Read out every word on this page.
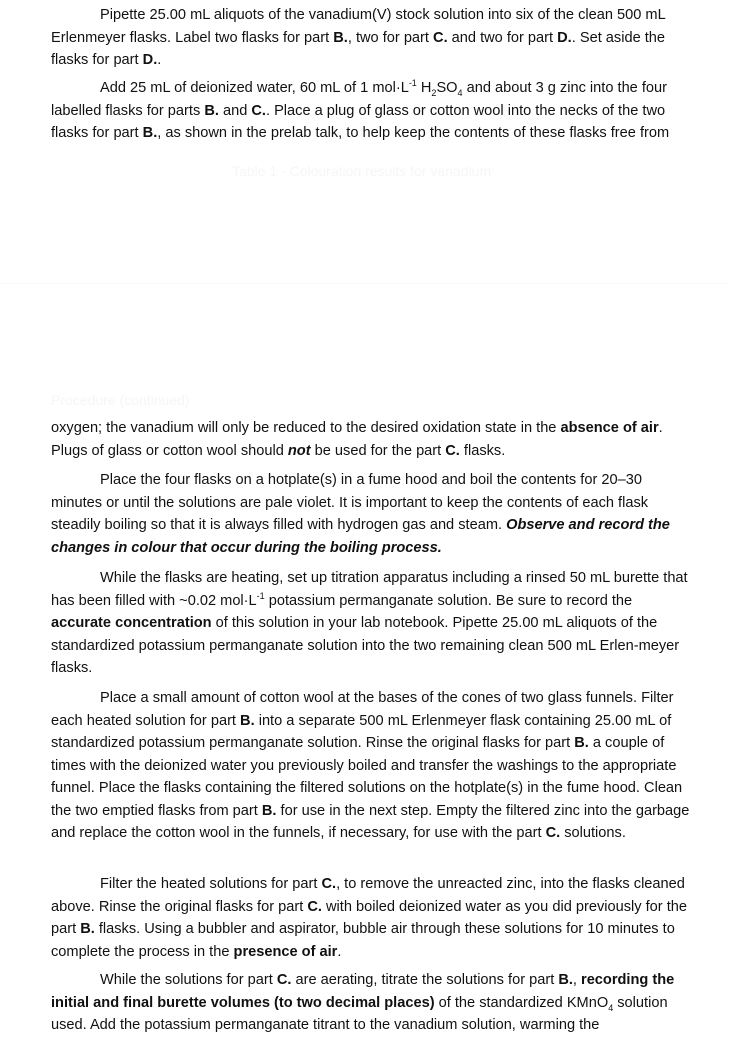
Pipette 25.00 mL aliquots of the vanadium(V) stock solution into six of the clean 500 mL Erlenmeyer flasks. Label two flasks for part B., two for part C. and two for part D.. Set aside the flasks for part D..

Add 25 mL of deionized water, 60 mL of 1 $mol\cdot L^{-1}$ $H_2SO_4$ and about 3 g zinc into the four labelled flasks for parts B. and C.. Place a plug of glass or cotton wool into the necks of the two flasks for part B., as shown in the prelab talk, to help keep the contents of these flasks free from

Table 1 - Colouration results for vanadium
Procedure (continued)

oxygen; the vanadium will only be reduced to the desired oxidation state in the absence of air. Plugs of glass or cotton wool should not be used for the part C. flasks.

Place the four flasks on a hotplate(s) in a fume hood and boil the contents for 20–30 minutes or until the solutions are pale violet. It is important to keep the contents of each flask steadily boiling so that it is always filled with hydrogen gas and steam. Observe and record the changes in colour that occur during the boiling process.

While the flasks are heating, set up titration apparatus including a rinsed 50 mL burette that has been filled with ~0.02 $mol\cdot L^{-1}$ potassium permanganate solution. Be sure to record the accurate concentration of this solution in your lab notebook. Pipette 25.00 mL aliquots of the standardized potassium permanganate solution into the two remaining clean 500 mL Erlen-meyer flasks.

Place a small amount of cotton wool at the bases of the cones of two glass funnels. Filter each heated solution for part B. into a separate 500 mL Erlenmeyer flask containing 25.00 mL of standardized potassium permanganate solution. Rinse the original flasks for part B. a couple of times with the deionized water you previously boiled and transfer the washings to the appropriate funnel. Place the flasks containing the filtered solutions on the hotplate(s) in the fume hood. Clean the two emptied flasks from part B. for use in the next step. Empty the filtered zinc into the garbage and replace the cotton wool in the funnels, if necessary, for use with the part C. solutions.

Filter the heated solutions for part C., to remove the unreacted zinc, into the flasks cleaned above. Rinse the original flasks for part C. with boiled deionized water as you did previously for the part B. flasks. Using a bubbler and aspirator, bubble air through these solutions for 10 minutes to complete the process in the presence of air.

While the solutions for part C. are aerating, titrate the solutions for part B., recording the initial and final burette volumes (to two decimal places) of the standardized KMnO$_4$ solution used. Add the potassium permanganate titrant to the vanadium solution, warming the
